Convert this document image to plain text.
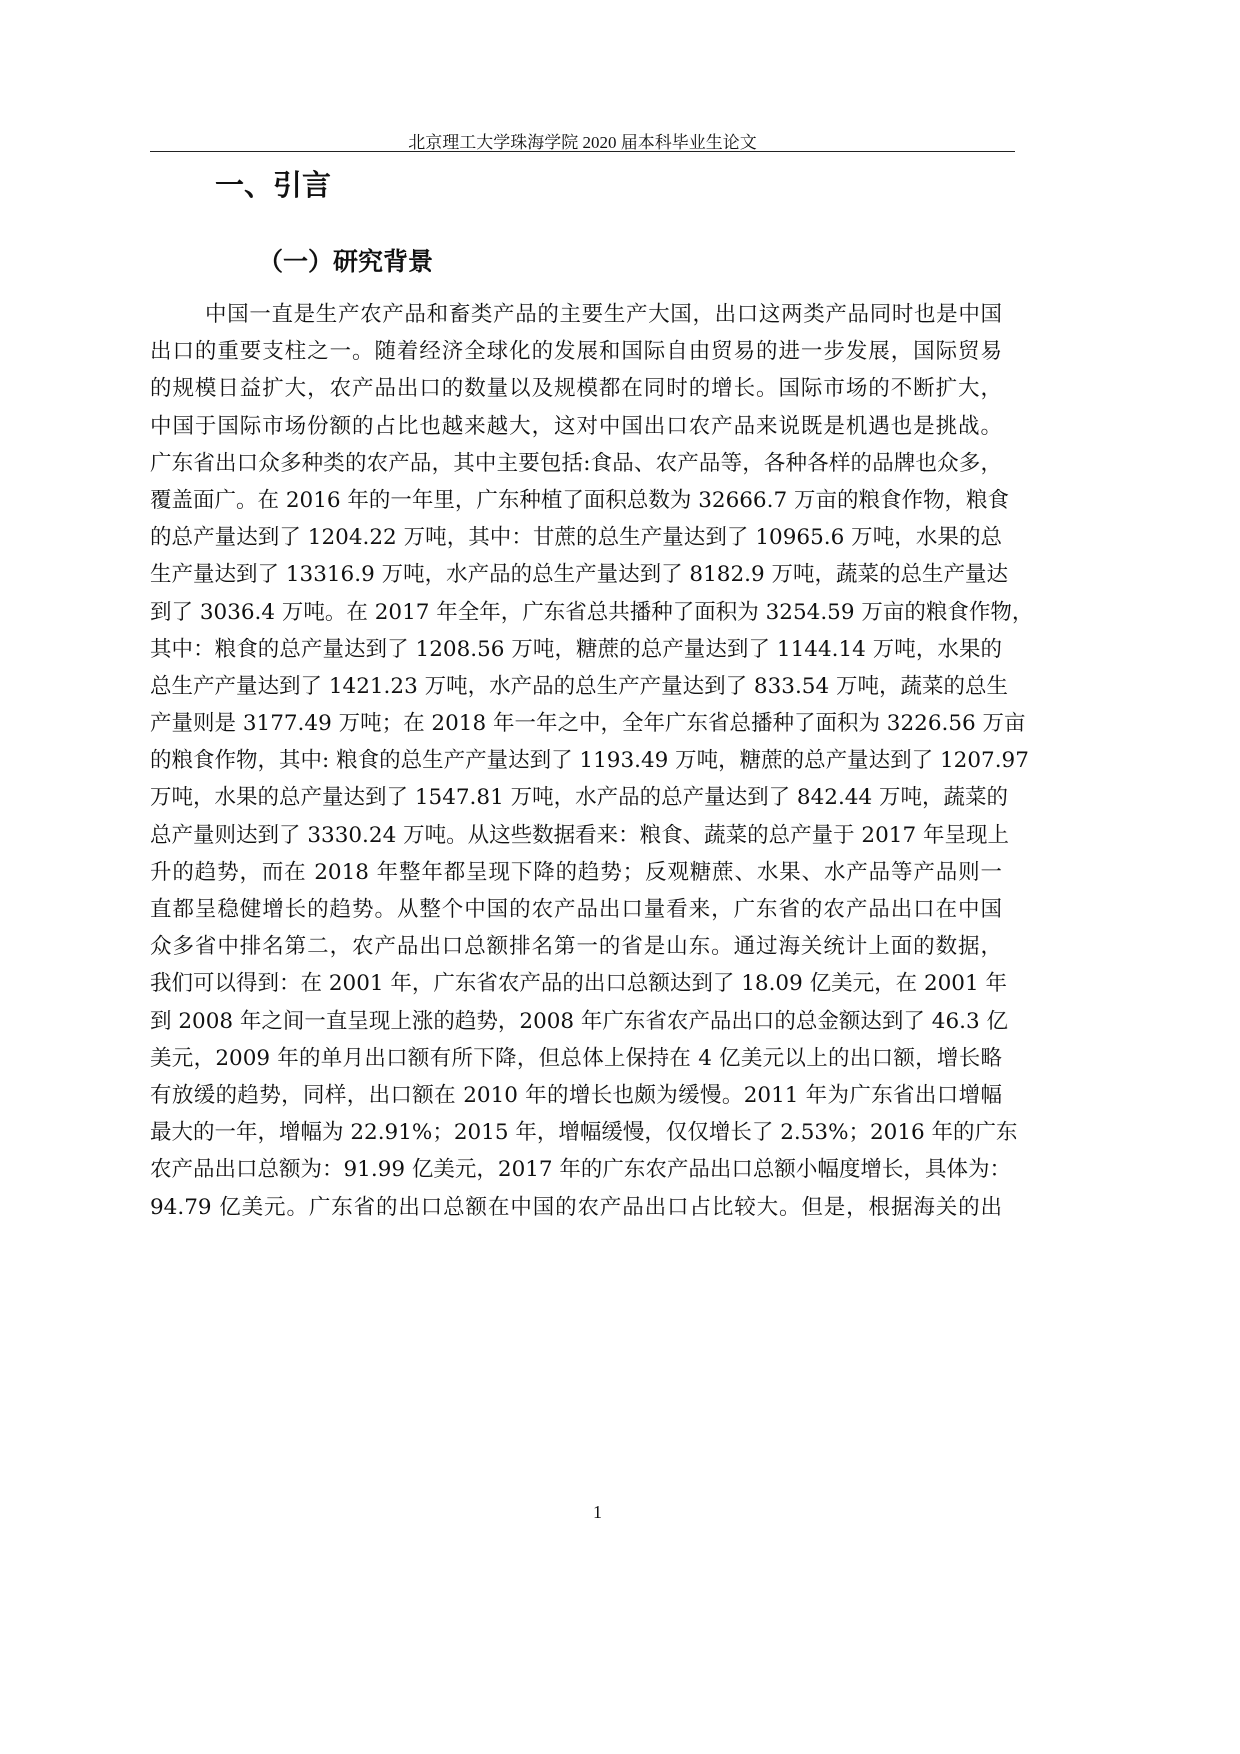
北京理工大学珠海学院 2020 届本科毕业生论文
一、引言
（一）研究背景
中国一直是生产农产品和畜类产品的主要生产大国，出口这两类产品同时也是中国
出口的重要支柱之一。随着经济全球化的发展和国际自由贸易的进一步发展，国际贸易
的规模日益扩大，农产品出口的数量以及规模都在同时的增长。国际市场的不断扩大，
中国于国际市场份额的占比也越来越大，这对中国出口农产品来说既是机遇也是挑战。
广东省出口众多种类的农产品，其中主要包括:食品、农产品等，各种各样的品牌也众多，
覆盖面广。在 2016 年的一年里，广东种植了面积总数为 32666.7 万亩的粮食作物，粮食
的总产量达到了 1204.22 万吨，其中：甘蔗的总生产量达到了 10965.6 万吨，水果的总
生产量达到了 13316.9 万吨，水产品的总生产量达到了 8182.9 万吨，蔬菜的总生产量达
到了 3036.4 万吨。在 2017 年全年，广东省总共播种了面积为 3254.59 万亩的粮食作物，
其中：粮食的总产量达到了 1208.56 万吨，糖蔗的总产量达到了 1144.14 万吨，水果的
总生产产量达到了 1421.23 万吨，水产品的总生产产量达到了 833.54 万吨，蔬菜的总生
产量则是 3177.49 万吨；在 2018 年一年之中，全年广东省总播种了面积为 3226.56 万亩
的粮食作物，其中: 粮食的总生产产量达到了 1193.49 万吨，糖蔗的总产量达到了 1207.97
万吨，水果的总产量达到了 1547.81 万吨，水产品的总产量达到了 842.44 万吨，蔬菜的
总产量则达到了 3330.24 万吨。从这些数据看来：粮食、蔬菜的总产量于 2017 年呈现上
升的趋势，而在 2018 年整年都呈现下降的趋势；反观糖蔗、水果、水产品等产品则一
直都呈稳健增长的趋势。从整个中国的农产品出口量看来，广东省的农产品出口在中国
众多省中排名第二，农产品出口总额排名第一的省是山东。通过海关统计上面的数据，
我们可以得到：在 2001 年，广东省农产品的出口总额达到了 18.09 亿美元，在 2001 年
到 2008 年之间一直呈现上涨的趋势，2008 年广东省农产品出口的总金额达到了 46.3 亿
美元，2009 年的单月出口额有所下降，但总体上保持在 4 亿美元以上的出口额，增长略
有放缓的趋势，同样，出口额在 2010 年的增长也颇为缓慢。2011 年为广东省出口增幅
最大的一年，增幅为 22.91%；2015 年，增幅缓慢，仅仅增长了 2.53%；2016 年的广东
农产品出口总额为：91.99 亿美元，2017 年的广东农产品出口总额小幅度增长，具体为：
94.79 亿美元。广东省的出口总额在中国的农产品出口占比较大。但是，根据海关的出
1
